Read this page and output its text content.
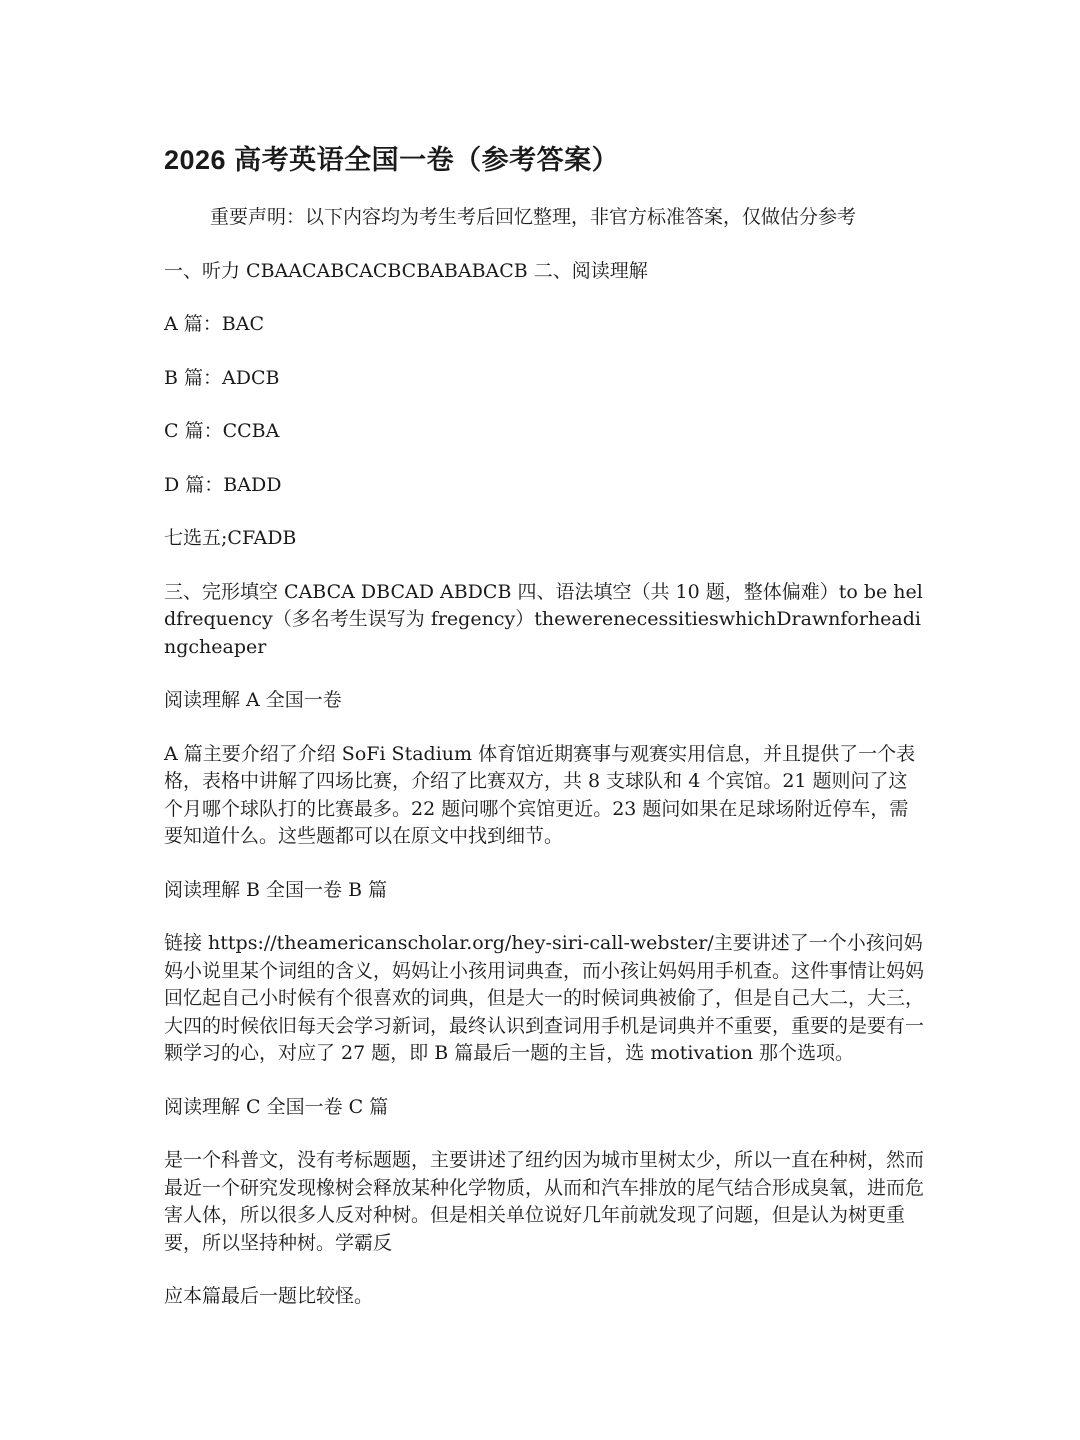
2026 高考英语全国一卷（参考答案）
重要声明：以下内容均为考生考后回忆整理，非官方标准答案，仅做估分参考
一、听力 CBAACABCACBCBABABACB 二、阅读理解
A 篇：BAC
B 篇：ADCB
C 篇：CCBA
D 篇：BADD
七选五;CFADB
三、完形填空 CABCA DBCAD ABDCB 四、语法填空（共 10 题，整体偏难）to be heldfrequency（多名考生误写为 fregency）thewerenecessitieswhichDrawnforheadingcheaper
阅读理解 A 全国一卷
A 篇主要介绍了介绍 SoFi Stadium 体育馆近期赛事与观赛实用信息，并且提供了一个表格，表格中讲解了四场比赛，介绍了比赛双方，共 8 支球队和 4 个宾馆。21 题则问了这个月哪个球队打的比赛最多。22 题问哪个宾馆更近。23 题问如果在足球场附近停车，需要知道什么。这些题都可以在原文中找到细节。
阅读理解 B 全国一卷 B 篇
链接 https://theamericanscholar.org/hey-siri-call-webster/主要讲述了一个小孩问妈妈小说里某个词组的含义，妈妈让小孩用词典查，而小孩让妈妈用手机查。这件事情让妈妈回忆起自己小时候有个很喜欢的词典，但是大一的时候词典被偷了，但是自己大二，大三，大四的时候依旧每天会学习新词，最终认识到查词用手机是词典并不重要，重要的是要有一颗学习的心，对应了 27 题，即 B 篇最后一题的主旨，选 motivation 那个选项。
阅读理解 C 全国一卷 C 篇
是一个科普文，没有考标题题，主要讲述了纽约因为城市里树太少，所以一直在种树，然而最近一个研究发现橡树会释放某种化学物质，从而和汽车排放的尾气结合形成臭氧，进而危害人体，所以很多人反对种树。但是相关单位说好几年前就发现了问题，但是认为树更重要，所以坚持种树。学霸反
应本篇最后一题比较怪。
